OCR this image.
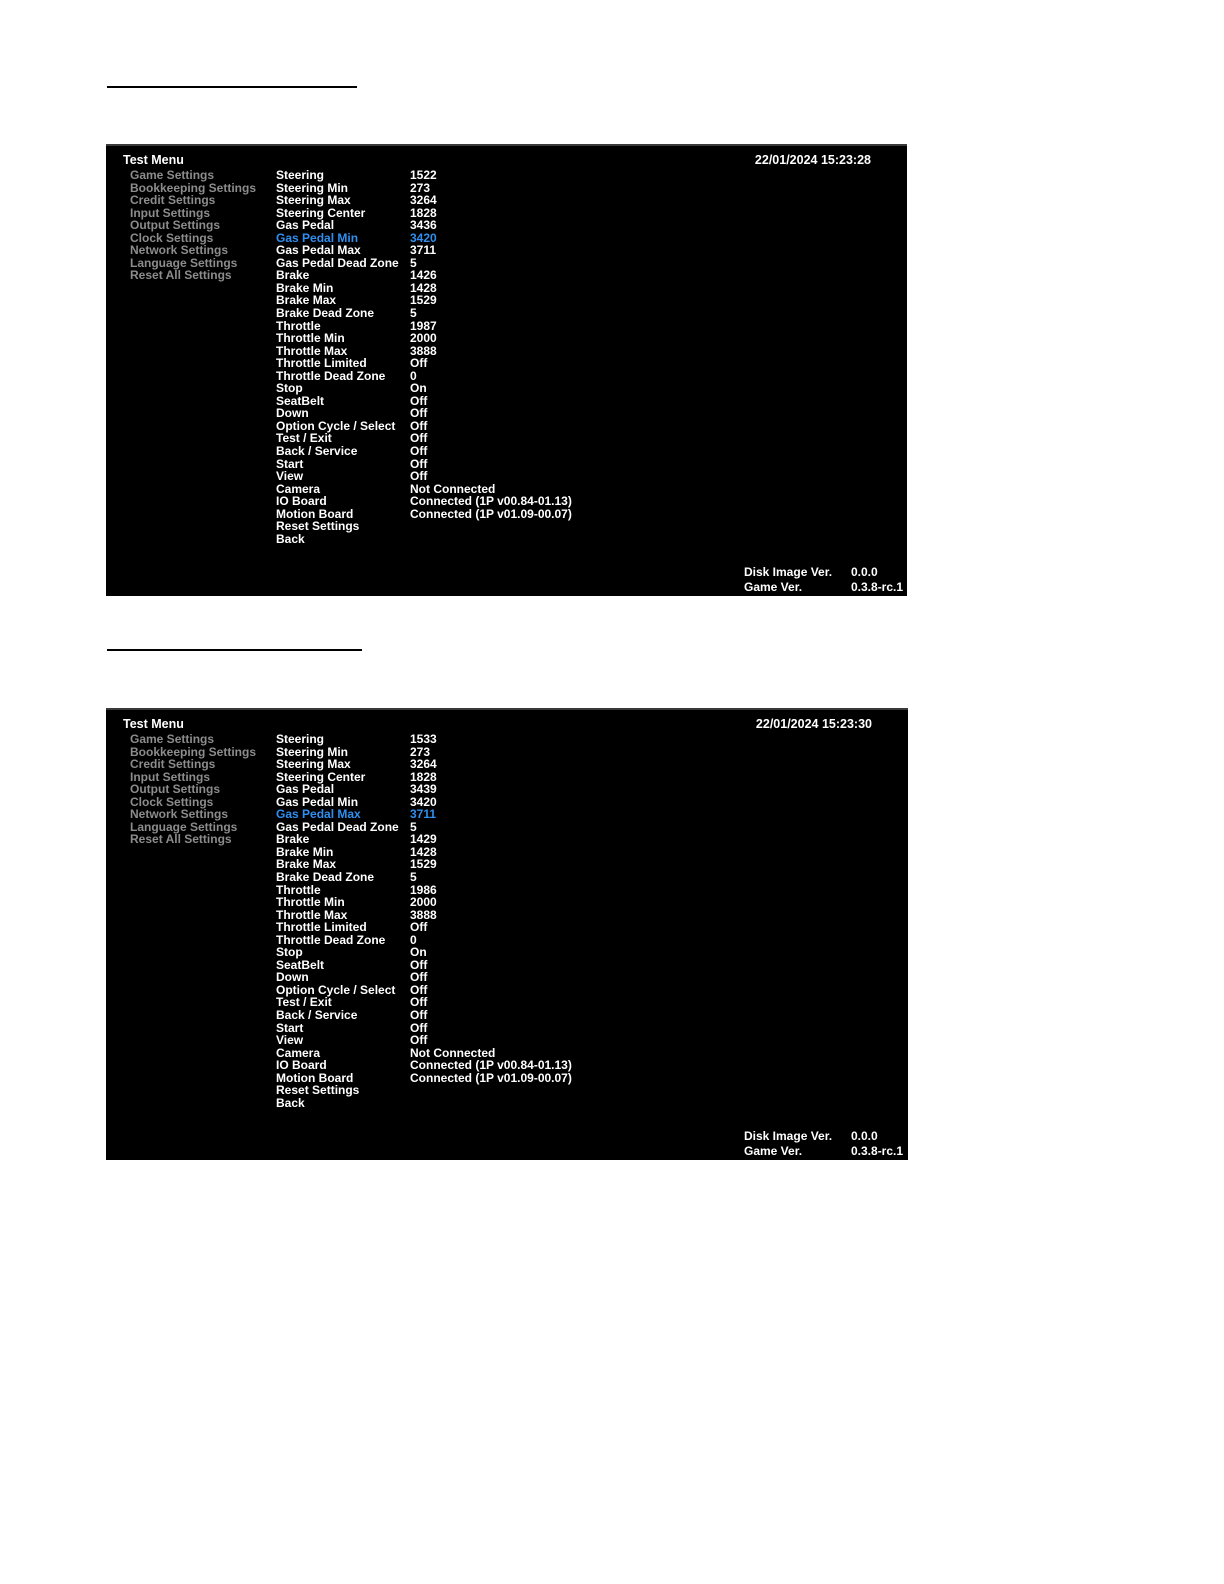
Test Menu	22/01/2024 15:23:28
Game Settings
Bookkeeping Settings
Credit Settings
Input Settings
Output Settings
Clock Settings
Network Settings
Language Settings
Reset All Settings
Steering	1522
Steering Min	273
Steering Max	3264
Steering Center	1828
Gas Pedal	3436
Gas Pedal Min	3420
Gas Pedal Max	3711
Gas Pedal Dead Zone 5
Brake	1426
Brake Min	1428
Brake Max	1529
Brake Dead Zone	5
Throttle	1987
Throttle Min	2000
Throttle Max	3888
Throttle Limited	Off
Throttle Dead Zone 0
Stop	On
SeatBelt	Off
Down	Off
Option Cycle / Select Off
Test / Exit	Off
Back / Service	Off
Start	Off
View	Off
Camera	Not Connected
IO Board	Connected (1P v00.84-01.13)
Motion Board	Connected (1P v01.09-00.07)
Reset Settings
Back
Disk Image Ver. 0.0.0
Game Ver.	0.3.8-rc.1
Test Menu	22/01/2024 15:23:30
Game Settings
Bookkeeping Settings
Credit Settings
Input Settings
Output Settings
Clock Settings
Network Settings
Language Settings
Reset All Settings
Steering	1533
Steering Min	273
Steering Max	3264
Steering Center	1828
Gas Pedal	3439
Gas Pedal Min	3420
Gas Pedal Max	3711
Gas Pedal Dead Zone 5
Brake	1429
Brake Min	1428
Brake Max	1529
Brake Dead Zone	5
Throttle	1986
Throttle Min	2000
Throttle Max	3888
Throttle Limited	Off
Throttle Dead Zone 0
Stop	On
SeatBelt	Off
Down	Off
Option Cycle / Select Off
Test / Exit	Off
Back / Service	Off
Start	Off
View	Off
Camera	Not Connected
IO Board	Connected (1P v00.84-01.13)
Motion Board	Connected (1P v01.09-00.07)
Reset Settings
Back
Disk Image Ver. 0.0.0
Game Ver.	0.3.8-rc.1
